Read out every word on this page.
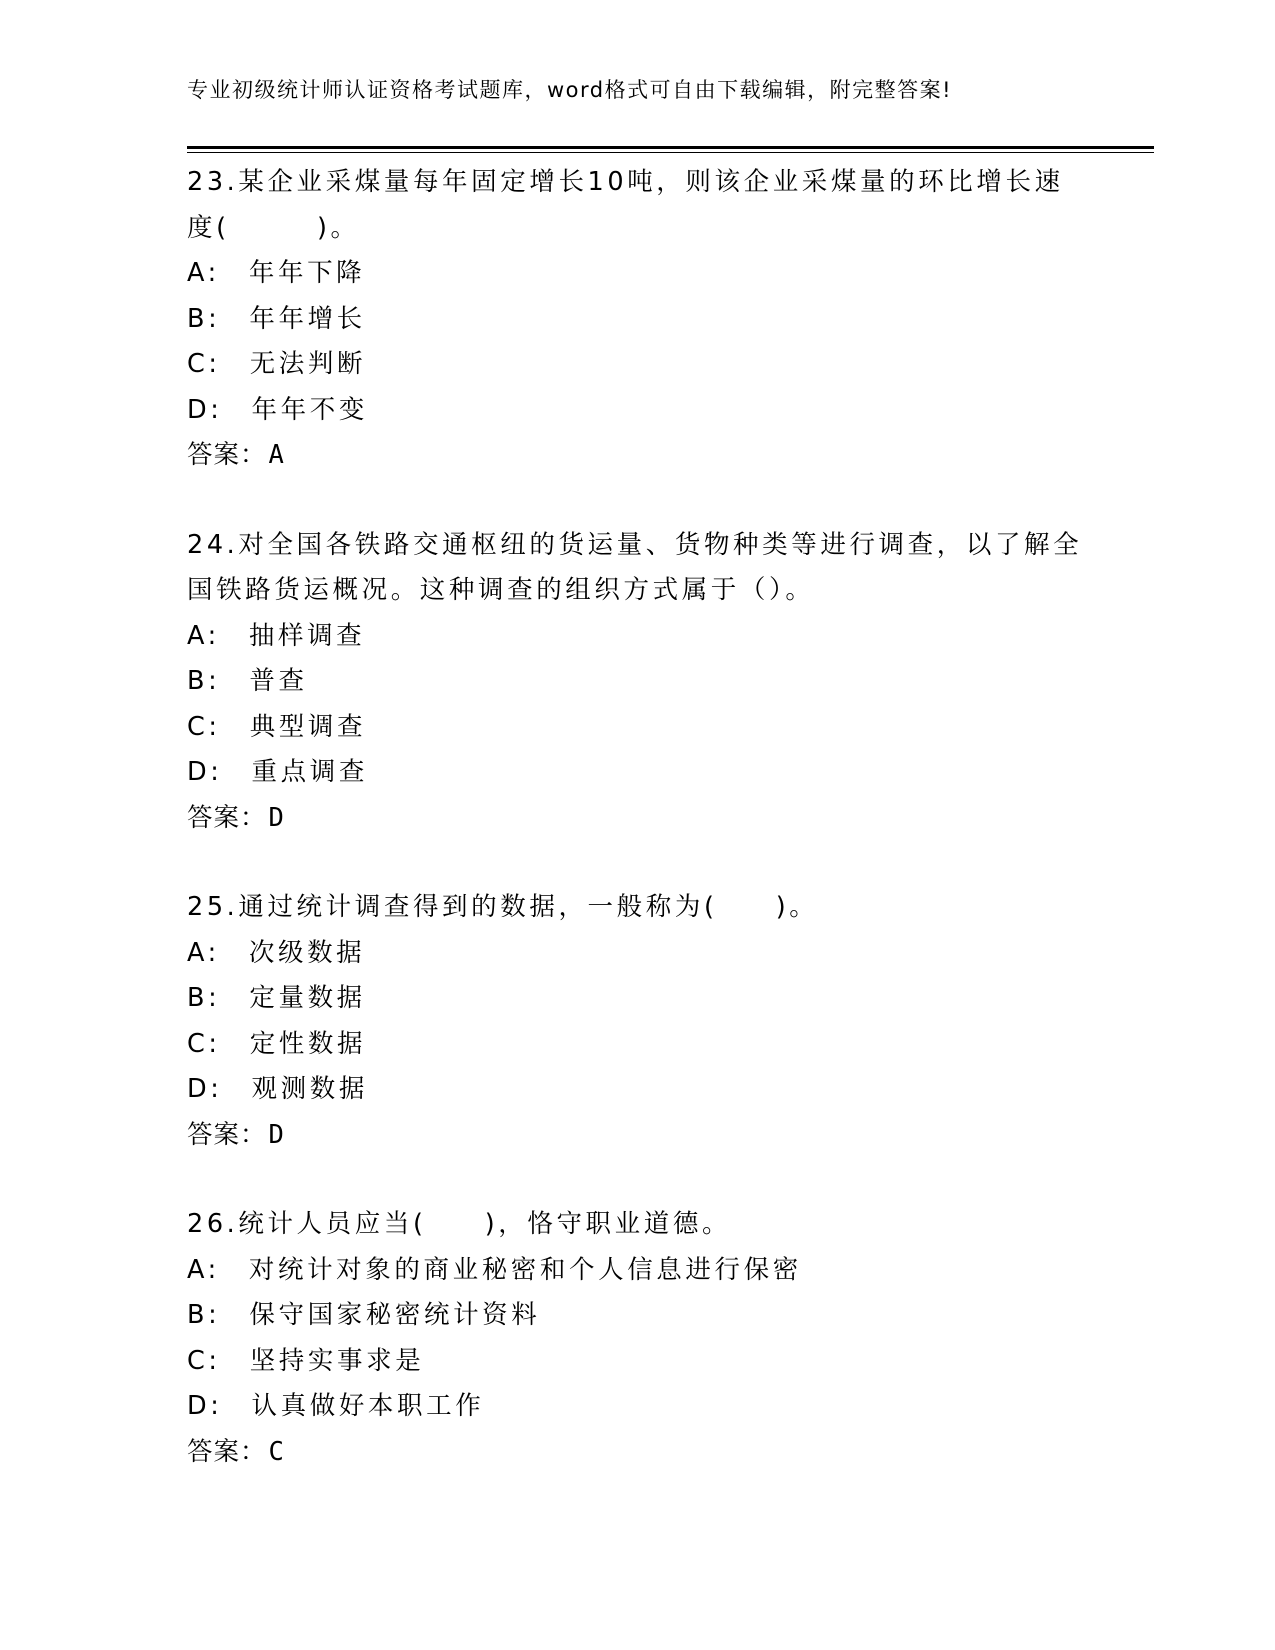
专业初级统计师认证资格考试题库，word格式可自由下载编辑，附完整答案!
23.某企业采煤量每年固定增长10吨，则该企业采煤量的环比增长速
度(　　　)。
A:　年年下降
B:　年年增长
C:　无法判断
D:　年年不变
答案：A
24.对全国各铁路交通枢纽的货运量、货物种类等进行调查，以了解全
国铁路货运概况。这种调查的组织方式属于（）。
A:　抽样调查
B:　普查
C:　典型调查
D:　重点调查
答案：D
25.通过统计调查得到的数据，一般称为(　　)。
A:　次级数据
B:　定量数据
C:　定性数据
D:　观测数据
答案：D
26.统计人员应当(　　)，恪守职业道德。
A:　对统计对象的商业秘密和个人信息进行保密
B:　保守国家秘密统计资料
C:　坚持实事求是
D:　认真做好本职工作
答案：C
